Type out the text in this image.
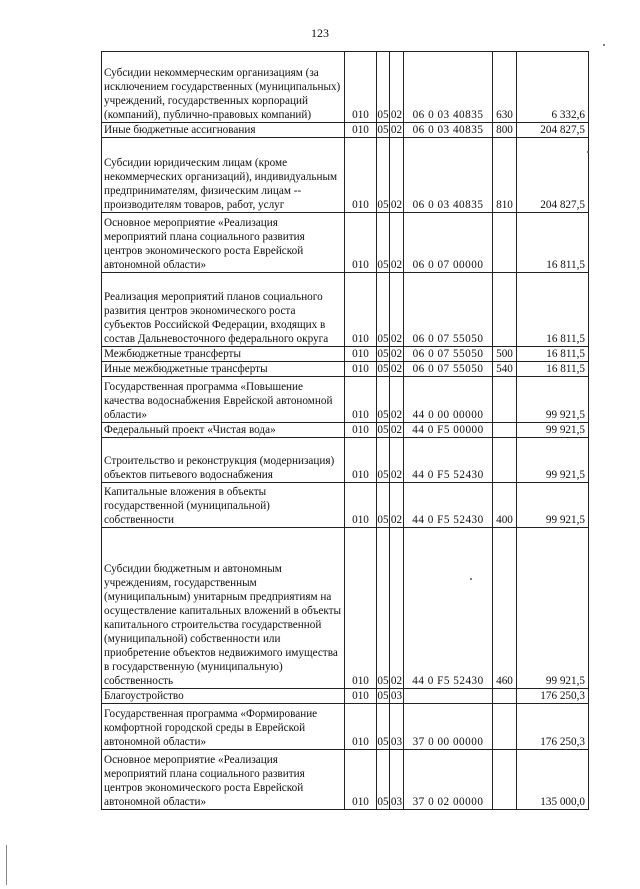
123
Субсидии некоммерческим организациям (за исключением государственных (муниципальных) учреждений, государственных корпораций (компаний), публично-правовых компаний)	010	05	02	06 0 03 40835	630	6 332,6
Иные бюджетные ассигнования	010	05	02	06 0 03 40835	800	204 827,5
Субсидии юридическим лицам (кроме некоммерческих организаций), индивидуальным предпринимателям, физическим лицам -- производителям товаров, работ, услуг	010	05	02	06 0 03 40835	810	204 827,5
Основное мероприятие «Реализация мероприятий плана социального развития центров экономического роста Еврейской автономной области»	010	05	02	06 0 07 00000		16 811,5
Реализация мероприятий планов социального развития центров экономического роста субъектов Российской Федерации, входящих в состав Дальневосточного федерального округа	010	05	02	06 0 07 55050		16 811,5
Межбюджетные трансферты	010	05	02	06 0 07 55050	500	16 811,5
Иные межбюджетные трансферты	010	05	02	06 0 07 55050	540	16 811,5
Государственная программа «Повышение качества водоснабжения Еврейской автономной области»	010	05	02	44 0 00 00000		99 921,5
Федеральный проект «Чистая вода»	010	05	02	44 0 F5 00000		99 921,5
Строительство и реконструкция (модернизация) объектов питьевого водоснабжения	010	05	02	44 0 F5 52430		99 921,5
Капитальные вложения в объекты государственной (муниципальной) собственности	010	05	02	44 0 F5 52430	400	99 921,5
Субсидии бюджетным и автономным учреждениям, государственным (муниципальным) унитарным предприятиям на осуществление капитальных вложений в объекты капитального строительства государственной (муниципальной) собственности или приобретение объектов недвижимого имущества в государственную (муниципальную) собственность	010	05	02	44 0 F5 52430	460	99 921,5
Благоустройство	010	05	03			176 250,3
Государственная программа «Формирование комфортной городской среды в Еврейской автономной области»	010	05	03	37 0 00 00000		176 250,3
Основное мероприятие «Реализация мероприятий плана социального развития центров экономического роста Еврейской автономной области»	010	05	03	37 0 02 00000		135 000,0
